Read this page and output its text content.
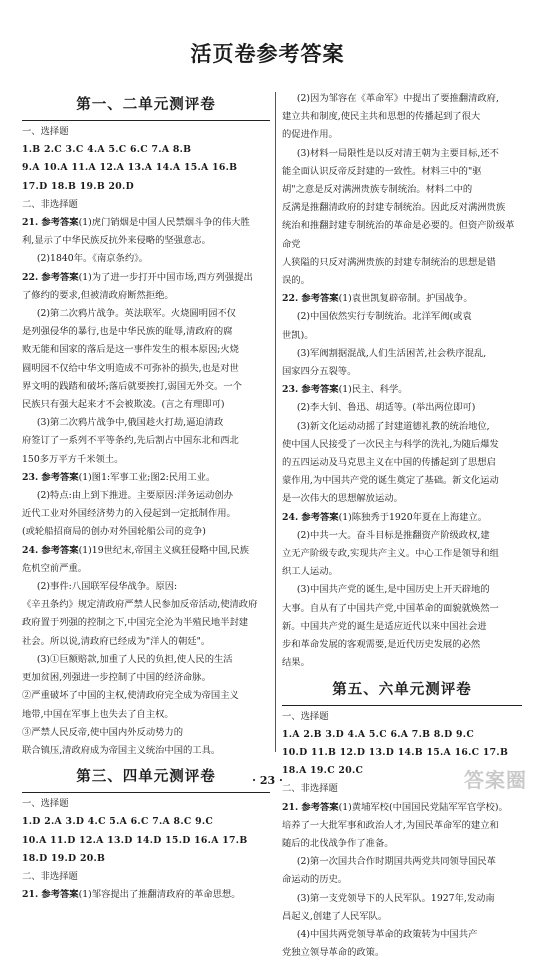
活页卷参考答案
第一、二单元测评卷
一、选择题
1.B 2.C 3.C 4.A 5.C 6.C 7.A 8.B
9.A 10.A 11.A 12.A 13.A 14.A 15.A 16.B
17.D 18.B 19.B 20.D
二、非选择题
21. 参考答案(1)虎门销烟是中国人民禁烟斗争的伟大胜
利,显示了中华民族反抗外来侵略的坚强意志。
(2)1840年。《南京条约》。
22. 参考答案(1)为了进一步打开中国市场,西方列强提出
了修约的要求,但被清政府断然拒绝。
(2)第二次鸦片战争。英法联军。火烧圆明园不仅
是列强侵华的暴行,也是中华民族的耻辱,清政府的腐
败无能和国家的落后是这一事件发生的根本原因;火烧
圆明园不仅给中华文明造成不可弥补的损失,也是对世
界文明的践踏和破坏;落后就要挨打,弱国无外交。一个
民族只有强大起来才不会被欺凌。(言之有理即可)
(3)第二次鸦片战争中,俄国趁火打劫,逼迫清政
府签订了一系列不平等条约,先后割占中国东北和西北
150多万平方千米领土。
23. 参考答案(1)图1:军事工业;图2:民用工业。
(2)特点:由上到下推进。主要原因:洋务运动创办
近代工业对外国经济势力的入侵起到一定抵制作用。
(或轮船招商局的创办对外国轮船公司的竞争)
24. 参考答案(1)19世纪末,帝国主义疯狂侵略中国,民族
危机空前严重。
(2)事件:八国联军侵华战争。原因:
《辛丑条约》规定清政府严禁人民参加反帝活动,使清政府
政府置于列强的控制之下,中国完全沦为半殖民地半封建
社会。所以说,清政府已经成为"洋人的朝廷"。
(3)①巨额赔款,加重了人民的负担,使人民的生活
更加贫困,列强进一步控制了中国的经济命脉。
②严重破坏了中国的主权,使清政府完全成为帝国主义
地带,中国在军事上也失去了自主权。
③严禁人民反帝,使中国内外反动势力的
联合镇压,清政府成为帝国主义统治中国的工具。
第三、四单元测评卷
一、选择题
1.D 2.A 3.D 4.C 5.A 6.C 7.A 8.C 9.C
10.A 11.D 12.A 13.D 14.D 15.D 16.A 17.B
18.D 19.D 20.B
二、非选择题
21. 参考答案(1)邹容提出了推翻清政府的革命思想。
(2)因为邹容在《革命军》中提出了要推翻清政府,
建立共和制度,使民主共和思想的传播起到了很大
的促进作用。
(3)材料一局限性是以反对清王朝为主要目标,还不
能全面认识反帝反封建的一致性。材料三中的"驱
胡"之意是反对满洲贵族专制统治。材料二中的
反满是推翻清政府的封建专制统治。因此反对满洲贵族
统治和推翻封建专制统治的革命是必要的。但资产阶级革命党
人狭隘的只反对满洲贵族的封建专制统治的思想是错
误的。
22. 参考答案(1)袁世凯复辟帝制。护国战争。
(2)中国依然实行专制统治。北洋军阀(或袁
世凯)。
(3)军阀割据混战,人们生活困苦,社会秩序混乱,
国家四分五裂等。
23. 参考答案(1)民主、科学。
(2)李大钊、鲁迅、胡适等。(举出两位即可)
(3)新文化运动动摇了封建道德礼教的统治地位,
使中国人民接受了一次民主与科学的洗礼,为随后爆发
的五四运动及马克思主义在中国的传播起到了思想启
蒙作用,为中国共产党的诞生奠定了基础。新文化运动
是一次伟大的思想解放运动。
24. 参考答案(1)陈独秀于1920年夏在上海建立。
(2)中共一大。奋斗目标是推翻资产阶级政权,建
立无产阶级专政,实现共产主义。中心工作是领导和组
织工人运动。
(3)中国共产党的诞生,是中国历史上开天辟地的
大事。自从有了中国共产党,中国革命的面貌就焕然一
新。中国共产党的诞生是适应近代以来中国社会进
步和革命发展的客观需要,是近代历史发展的必然
结果。
第五、六单元测评卷
一、选择题
1.A 2.B 3.D 4.A 5.C 6.A 7.B 8.D 9.C
10.D 11.B 12.D 13.D 14.B 15.A 16.C 17.B
18.A 19.C 20.C
二、非选择题
21. 参考答案(1)黄埔军校(中国国民党陆军军官学校)。
培养了一大批军事和政治人才,为国民革命军的建立和
随后的北伐战争作了准备。
(2)第一次国共合作时期国共两党共同领导国民革
命运动的历史。
(3)第一支党领导下的人民军队。1927年,发动南
昌起义,创建了人民军队。
(4)中国共两党领导革命的政策转为中国共产
党独立领导革命的政策。
· 23 ·	答案圈
